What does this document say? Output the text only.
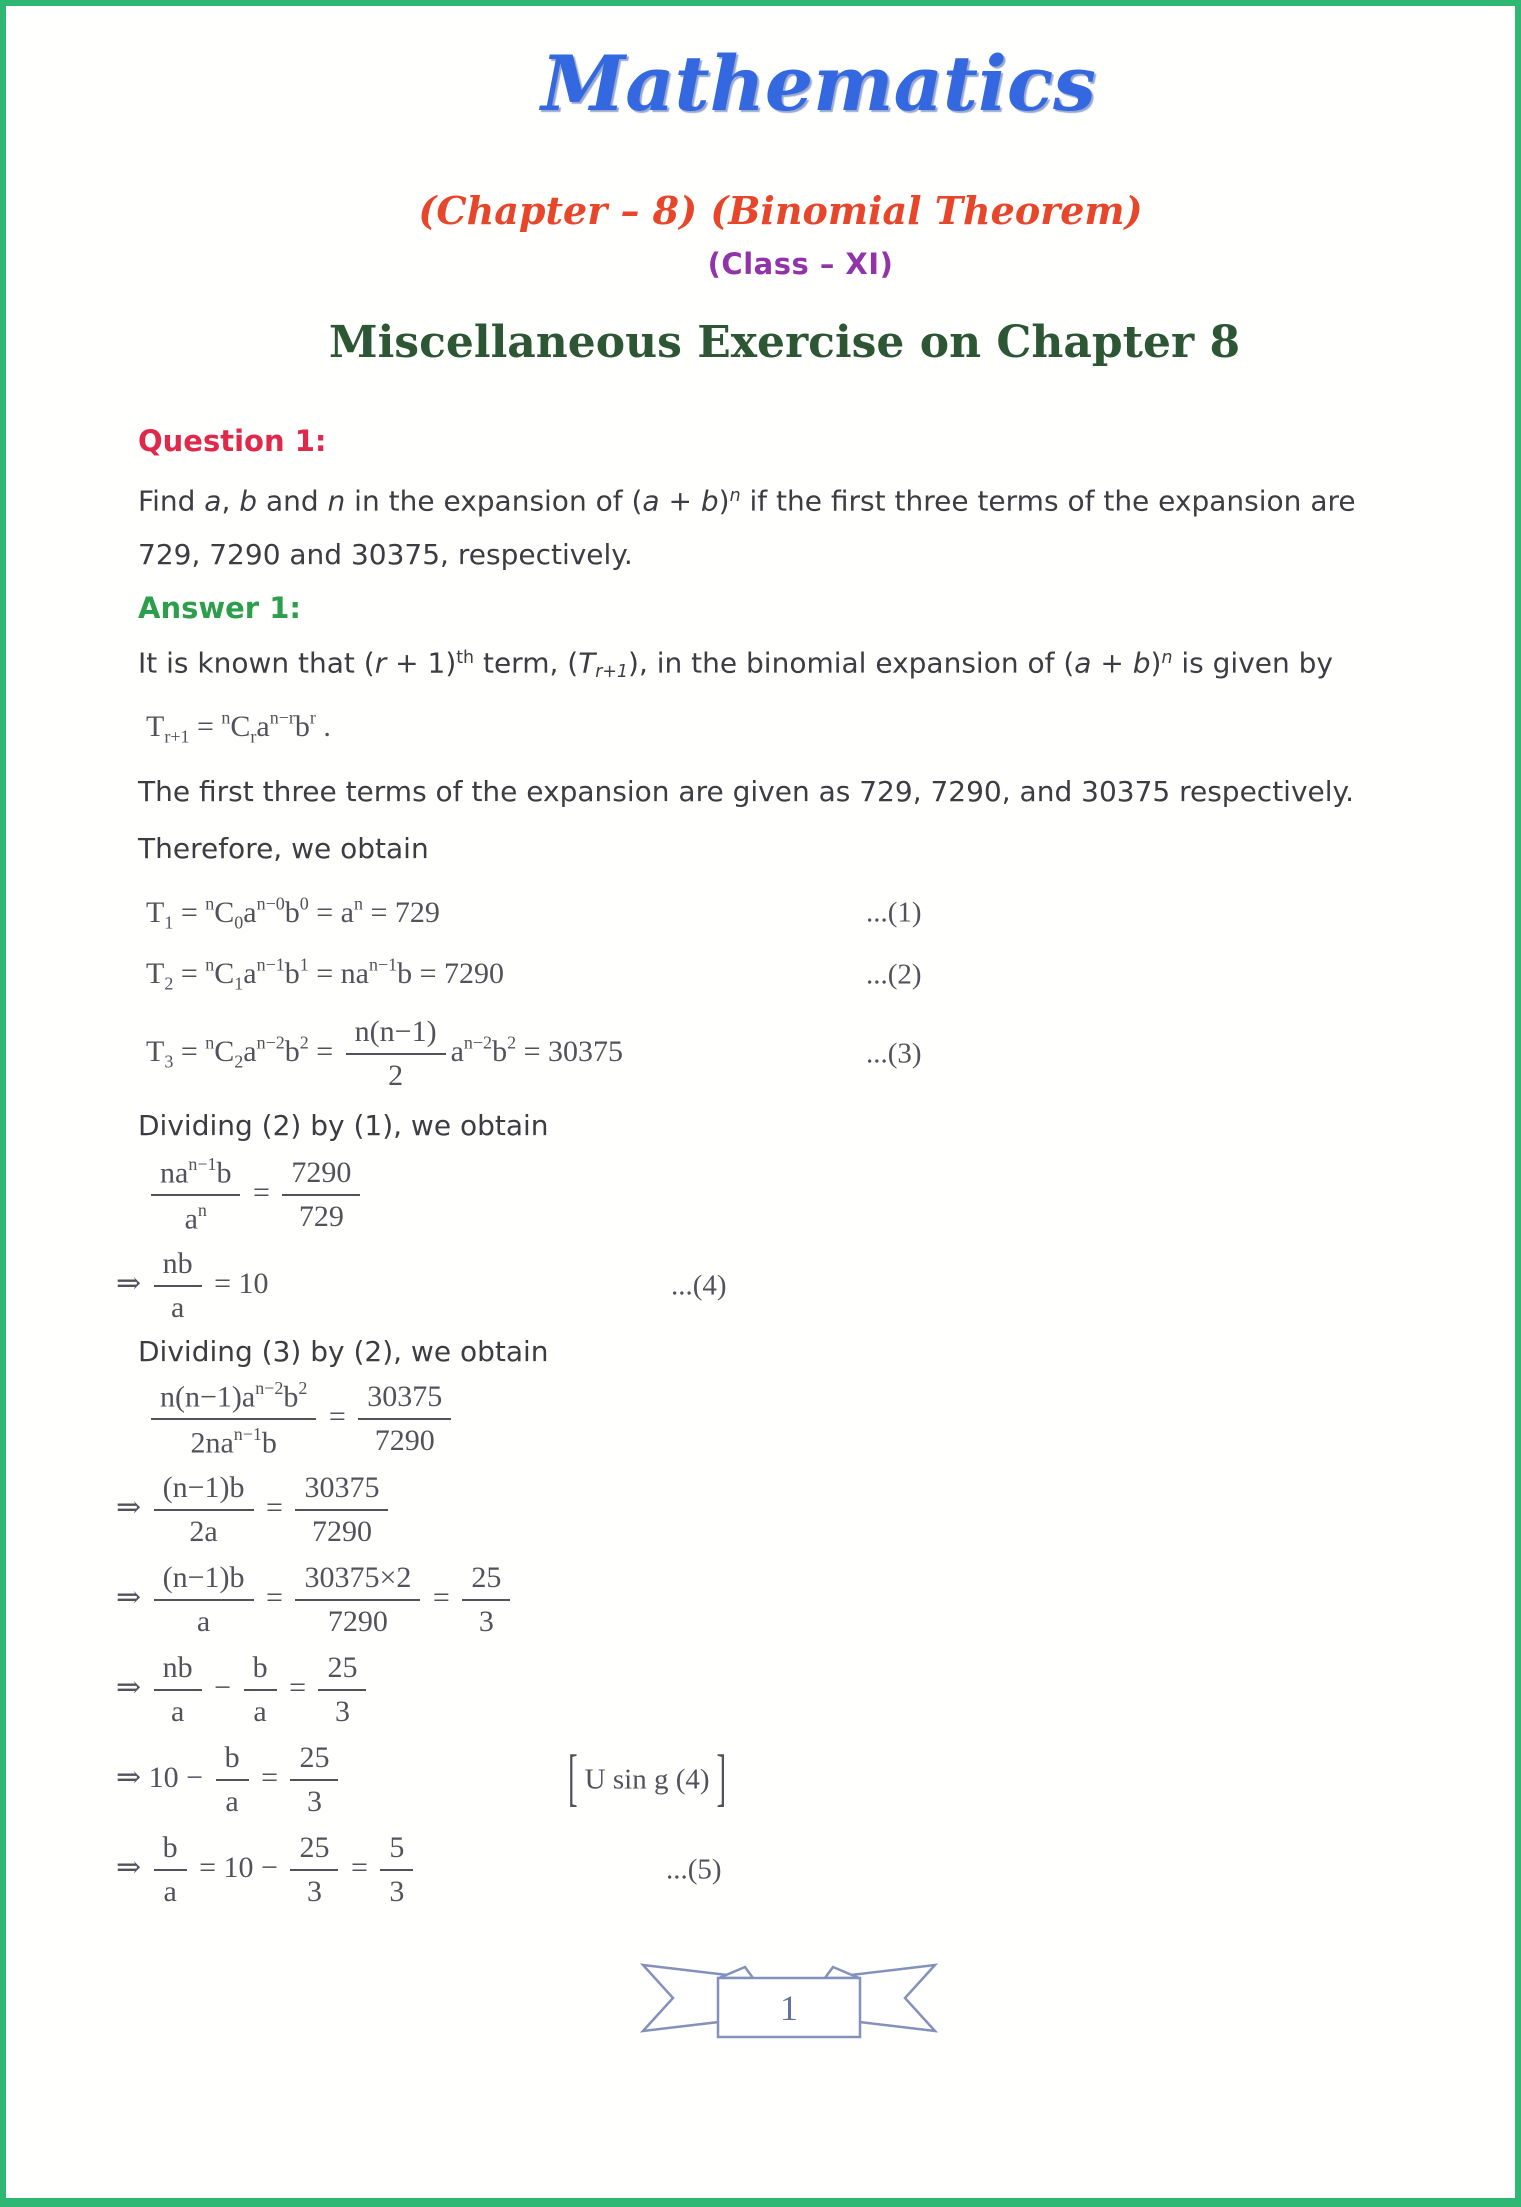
Mathematics
(Chapter – 8) (Binomial Theorem)
(Class – XI)
Miscellaneous Exercise on Chapter 8
Question 1:

Find a, b and n in the expansion of $(a + b)^n$ if the first three terms of the expansion are

729, 7290 and 30375, respectively.

Answer 1:

It is known that $(r + 1)^{th}$ term, $(T_{r+1})$, in the binomial expansion of $(a + b)^n$ is given by

$T_{r+1} = ^nC_ra^{n-r}b^r$ .

The first three terms of the expansion are given as 729, 7290, and 30375 respectively.

Therefore, we obtain

$T_1 = ^nC_0a^{n-0}b^0 = a^n = 729$	...(1)
$T_2 = ^nC_1a^{n-1}b^1 = na^{n-1}b = 7290$	...(2)
$T_3 = ^nC_2a^{n-2}b^2 = \frac{n(n-1)}{2} a^{n-2}b^2 = 30375$	...(3)

Dividing (2) by (1), we obtain

$\frac{na^{n-1}b}{a^n} = \frac{7290}{729}$
⇒ $\frac{nb}{a} = 10$	...(4)

Dividing (3) by (2), we obtain

$\frac{n(n-1)a^{n-2}b^2}{2na^{n-1}b} = \frac{30375}{7290}$
⇒ $\frac{(n-1)b}{2a} = \frac{30375}{7290}$
⇒ $\frac{(n-1)b}{a} = \frac{30375\times 2}{7290} = \frac{25}{3}$
⇒ $\frac{nb}{a} - \frac{b}{a} = \frac{25}{3}$
⇒ $10 - \frac{b}{a} = \frac{25}{3}$	[ U sin g (4) ]
⇒ $\frac{b}{a} = 10 - \frac{25}{3} = \frac{5}{3}$	...(5)
1
